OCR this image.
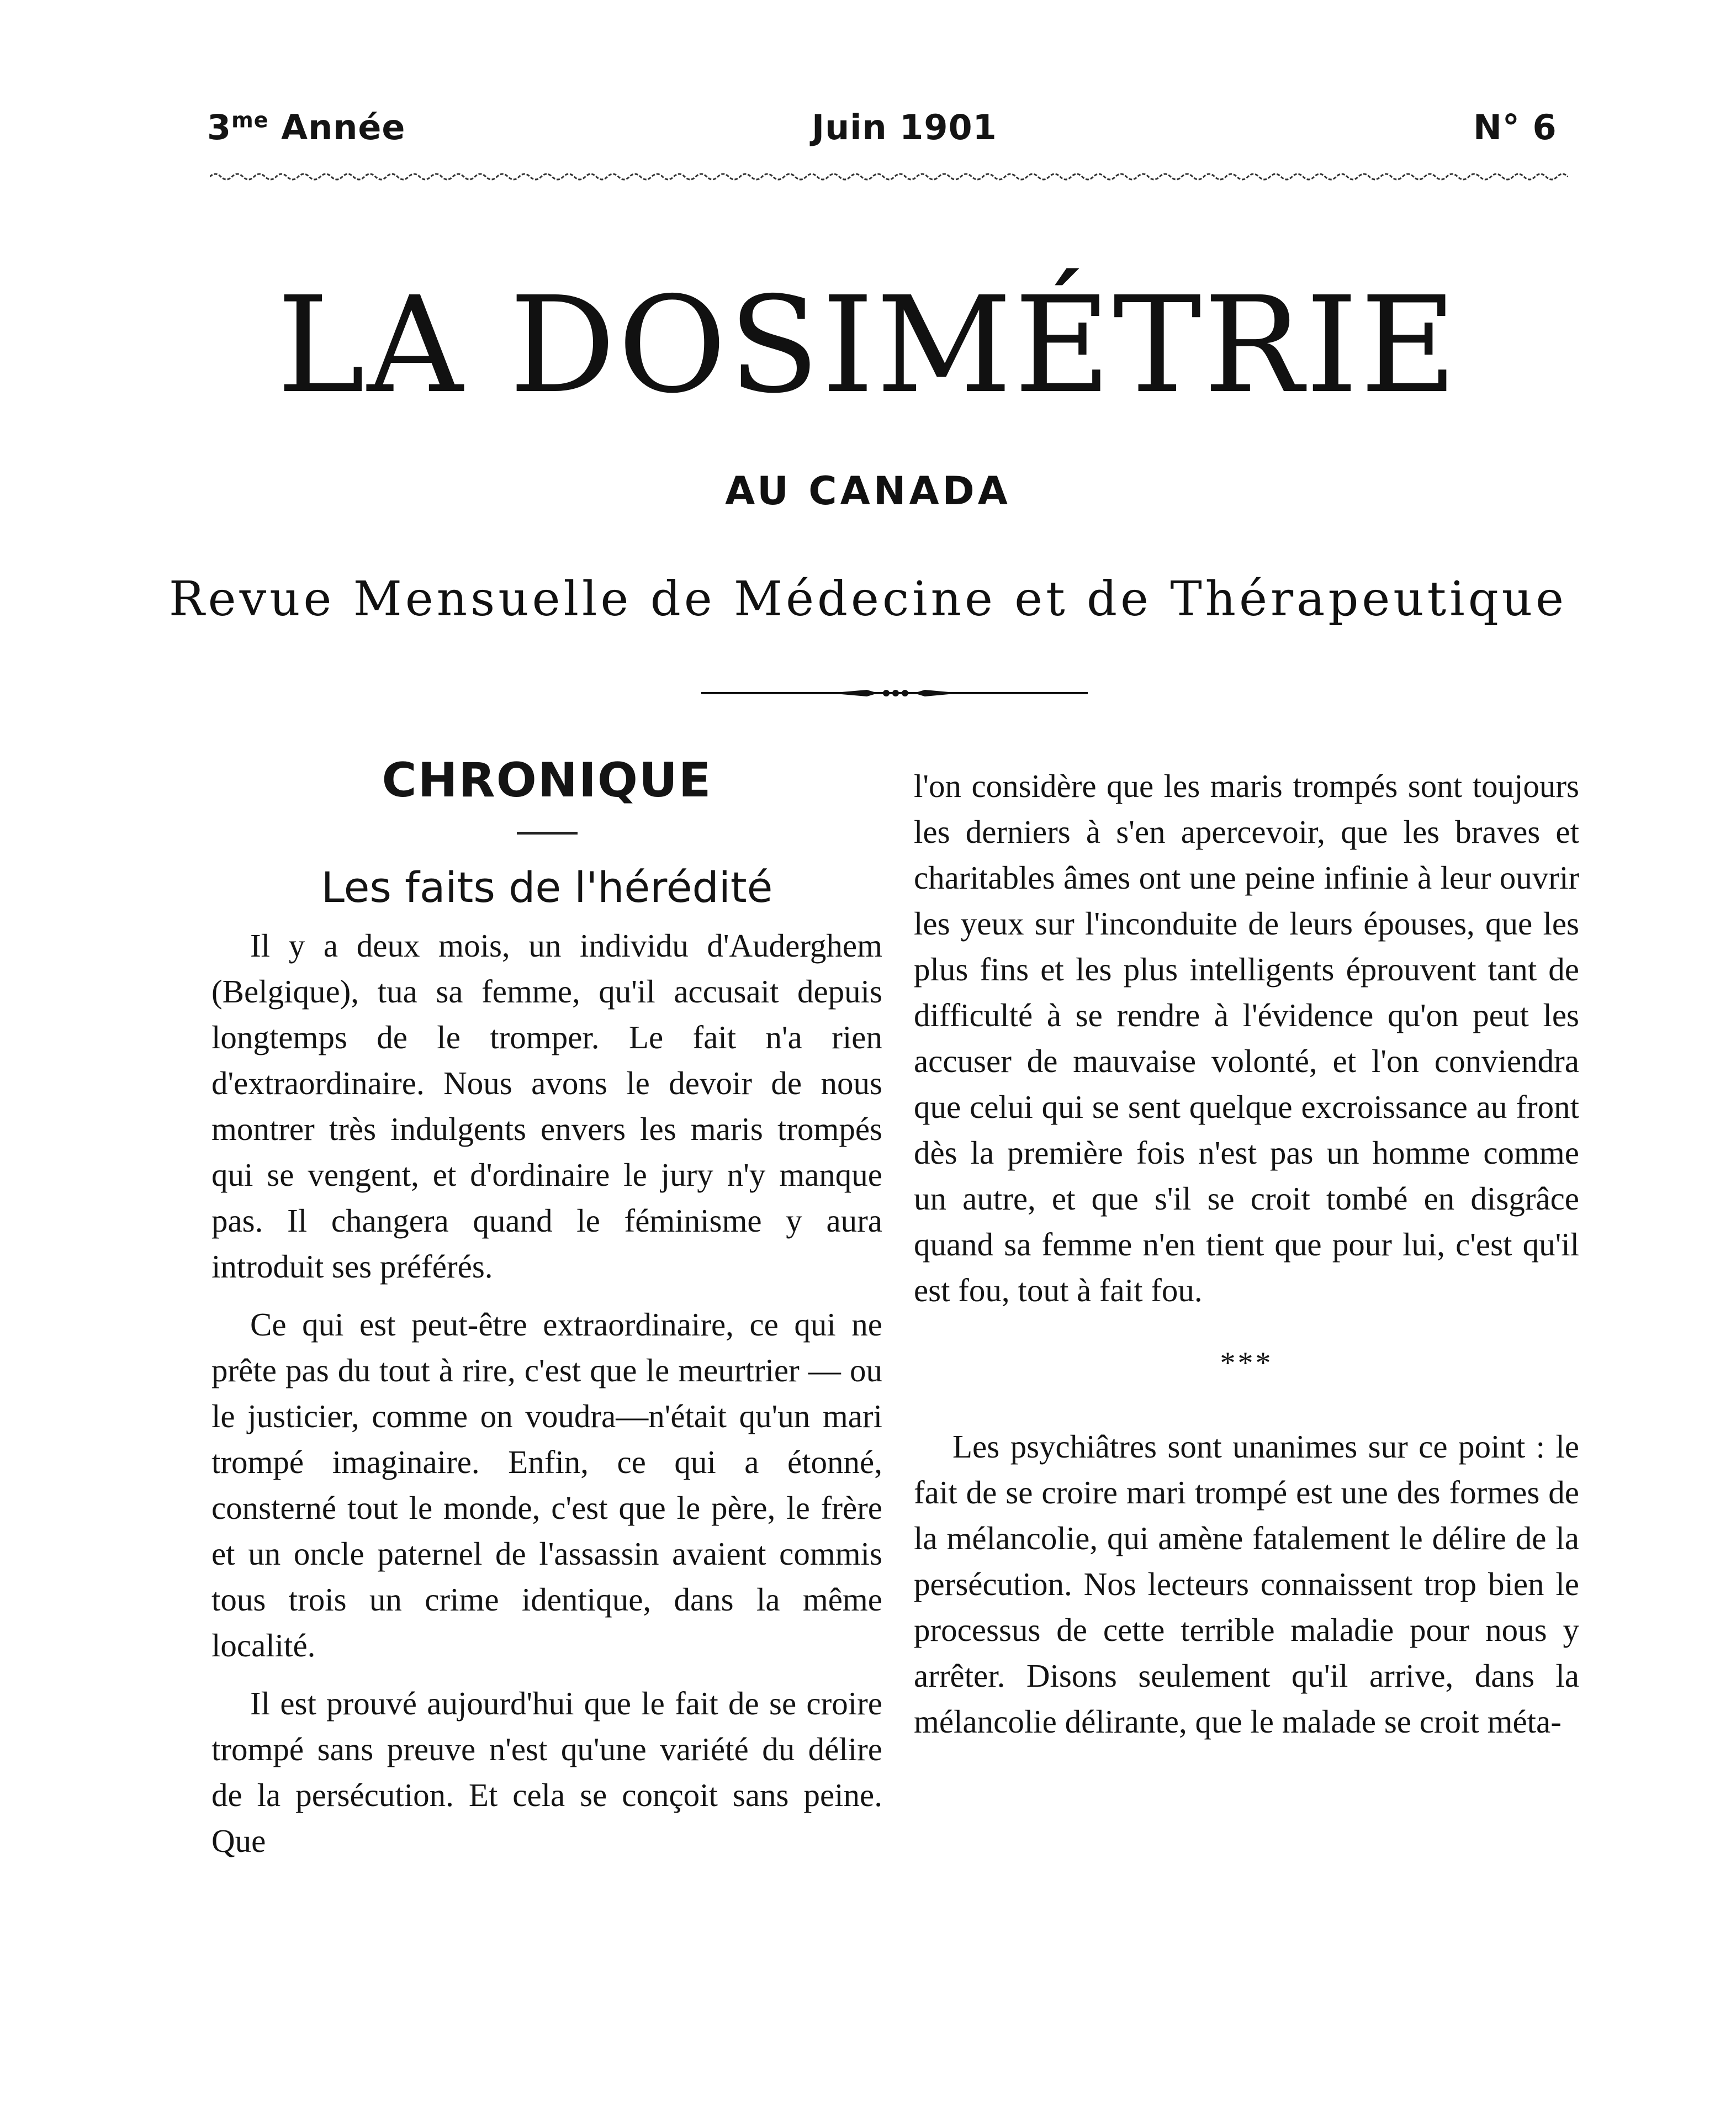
$3^{me}$ Année	Juin 1901	N° 6
LA DOSIMÉTRIE
AU CANADA
Revue Mensuelle de Médecine et de Thérapeutique
CHRONIQUE
Les faits de l'hérédité

Il y a deux mois, un individu d'Auderghem (Belgique), tua sa femme, qu'il accusait depuis longtemps de le tromper. Le fait n'a rien d'extraordinaire. Nous avons le devoir de nous montrer très indulgents envers les maris trompés qui se vengent, et d'ordinaire le jury n'y manque pas. Il changera quand le féminisme y aura introduit ses préférés.

Ce qui est peut-être extraordinaire, ce qui ne prête pas du tout à rire, c'est que le meurtrier — ou le justicier, comme on voudra—n'était qu'un mari trompé imaginaire. Enfin, ce qui a étonné, consterné tout le monde, c'est que le père, le frère et un oncle paternel de l'assassin avaient commis tous trois un crime identique, dans la même localité.

Il est prouvé aujourd'hui que le fait de se croire trompé sans preuve n'est qu'une variété du délire de la persécution. Et cela se conçoit sans peine. Que

l'on considère que les maris trompés sont toujours les derniers à s'en apercevoir, que les braves et charitables âmes ont une peine infinie à leur ouvrir les yeux sur l'inconduite de leurs épouses, que les plus fins et les plus intelligents éprouvent tant de difficulté à se rendre à l'évidence qu'on peut les accuser de mauvaise volonté, et l'on conviendra que celui qui se sent quelque excroissance au front dès la première fois n'est pas un homme comme un autre, et que s'il se croit tombé en disgrâce quand sa femme n'en tient que pour lui, c'est qu'il est fou, tout à fait fou.

***

Les psychiâtres sont unanimes sur ce point : le fait de se croire mari trompé est une des formes de la mélancolie, qui amène fatalement le délire de la persécution. Nos lecteurs connaissent trop bien le processus de cette terrible maladie pour nous y arrêter. Disons seulement qu'il arrive, dans la mélancolie délirante, que le malade se croit méta-
